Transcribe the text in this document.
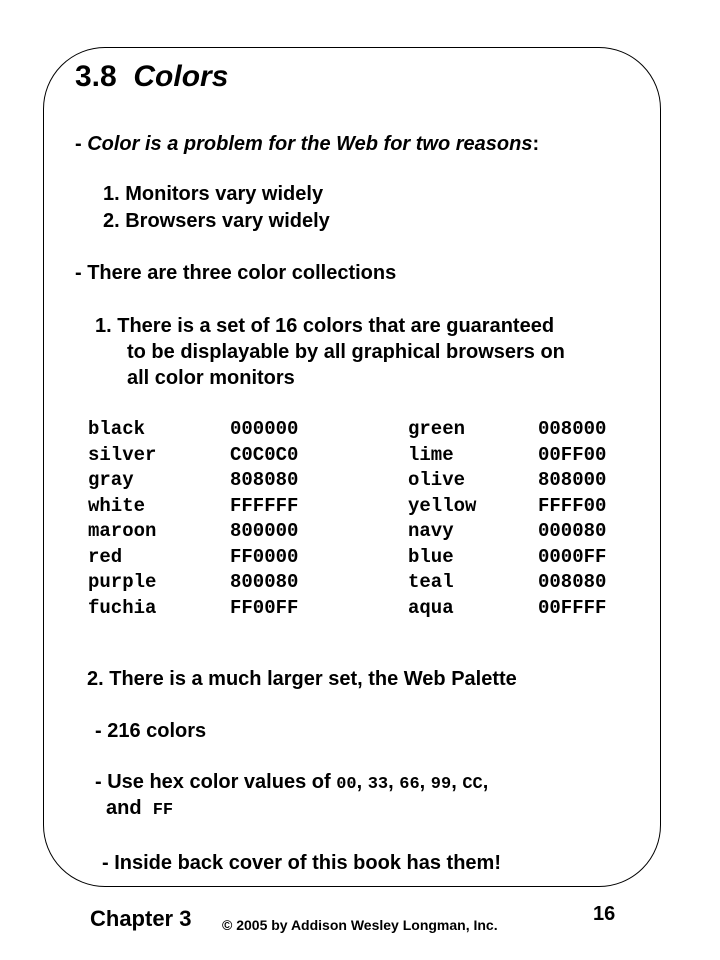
3.8 Colors
- Color is a problem for the Web for two reasons:
1. Monitors vary widely
2. Browsers vary widely
- There are three color collections
1. There is a set of 16 colors that are guaranteed
to be displayable by all graphical browsers on
all color monitors
black	000000	green	008000
silver	C0C0C0	lime	00FF00
gray	808080	olive	808000
white	FFFFFF	yellow	FFFF00
maroon	800000	navy	000080
red	FF0000	blue	0000FF
purple	800080	teal	008080
fuchia	FF00FF	aqua	00FFFF
2. There is a much larger set, the Web Palette
- 216 colors
- Use hex color values of 00, 33, 66, 99, CC,
and FF
- Inside back cover of this book has them!
Chapter 3 © 2005 by Addison Wesley Longman, Inc.	16
